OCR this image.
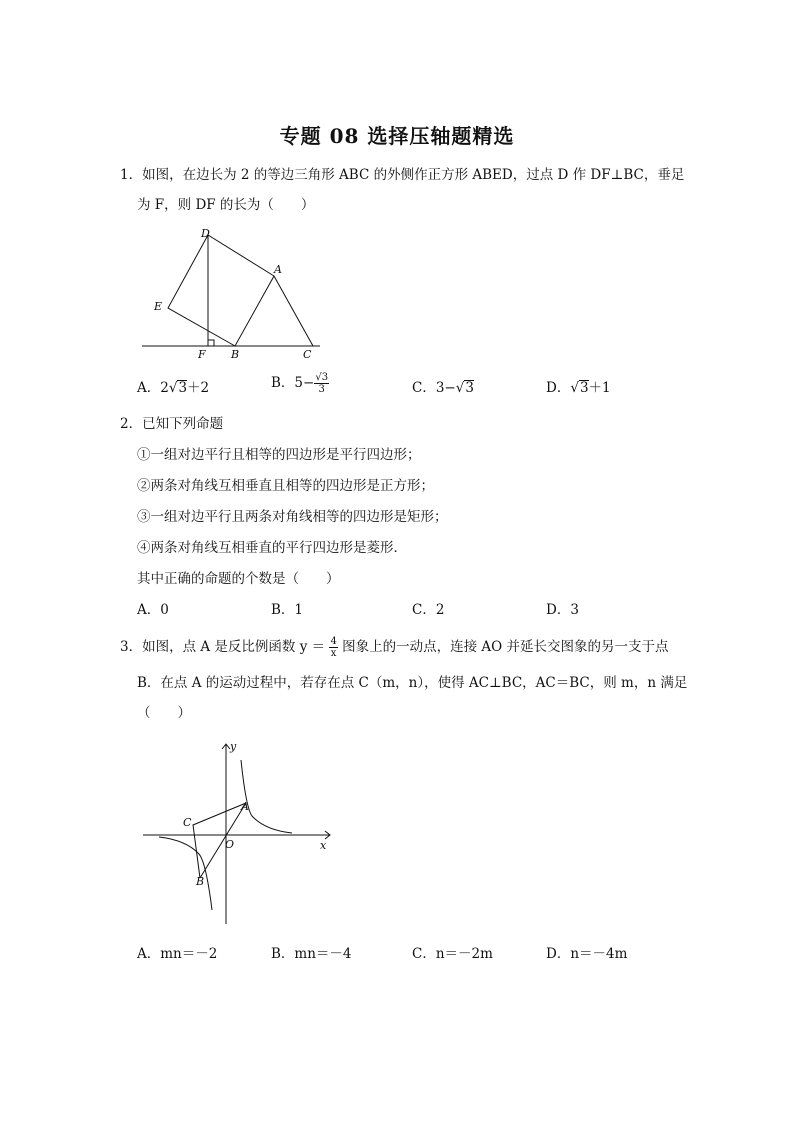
专题 08 选择压轴题精选
1．如图，在边长为 2 的等边三角形 ABC 的外侧作正方形 ABED，过点 D 作 DF⊥BC，垂足
为 F，则 DF 的长为（　　）
D
A
E
F B	C
A．2√3＋2	B．$5- \frac{√3}{3}$	C．3−√3	D．√3＋1
2．已知下列命题
①一组对边平行且相等的四边形是平行四边形；
②两条对角线互相垂直且相等的四边形是正方形；
③一组对边平行且两条对角线相等的四边形是矩形；
④两条对角线互相垂直的平行四边形是菱形．
其中正确的命题的个数是（　　）
A．0	B．1	C．2	D．3
3．如图，点 A 是反比例函数 $y = \frac{4}{x}$ 图象上的一动点，连接 AO 并延长交图象的另一支于点
B．在点 A 的运动过程中，若存在点 C（m，n），使得 AC⊥BC，AC＝BC，则 m，n 满足
（　　）
y
x
A
C
O
B
A．mn＝－2	B．mn＝－4	C．n＝－2m	D．n＝－4m
